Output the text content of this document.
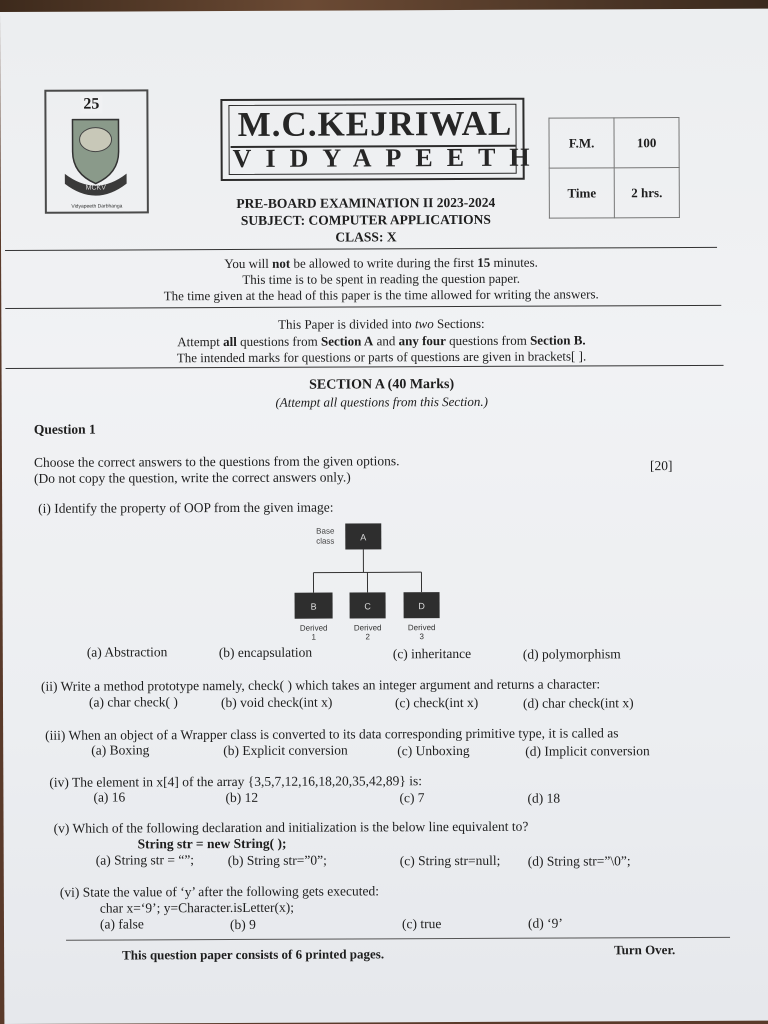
25
MCKV
Vidyapeeth Darbhanga
M.C.KEJRIWAL
VIDYAPEETH
F.M.	100
Time	2 hrs.
PRE-BOARD EXAMINATION II 2023-2024
SUBJECT: COMPUTER APPLICATIONS
CLASS: X
You will not be allowed to write during the first 15 minutes.
This time is to be spent in reading the question paper.
The time given at the head of this paper is the time allowed for writing the answers.
This Paper is divided into two Sections:
Attempt all questions from Section A and any four questions from Section B.
The intended marks for questions or parts of questions are given in brackets[ ].
SECTION A (40 Marks)
(Attempt all questions from this Section.)
Question 1
Choose the correct answers to the questions from the given options.
(Do not copy the question, write the correct answers only.)
[20]
(i) Identify the property of OOP from the given image:
Base
class	A
B	C	D
Derived
1
Derived
2
Derived
3
(a) Abstraction	(b) encapsulation	(c) inheritance	(d) polymorphism
(ii) Write a method prototype namely, check( ) which takes an integer argument and returns a character:
(a) char check( )	(b) void check(int x)	(c) check(int x)	(d) char check(int x)
(iii) When an object of a Wrapper class is converted to its data corresponding primitive type, it is called as
(a) Boxing	(b) Explicit conversion	(c) Unboxing	(d) Implicit conversion
(iv) The element in x[4] of the array {3,5,7,12,16,18,20,35,42,89} is:
(a) 16	(b) 12	(c) 7	(d) 18
(v) Which of the following declaration and initialization is the below line equivalent to?
String str = new String( );
(a) String str = “”; (b) String str=”0”;	(c) String str=null; (d) String str=”\0”;
(vi) State the value of ‘y’ after the following gets executed:
char x=‘9’; y=Character.isLetter(x);
(a) false	(b) 9	(c) true	(d) ‘9’
This question paper consists of 6 printed pages.	Turn Over.
